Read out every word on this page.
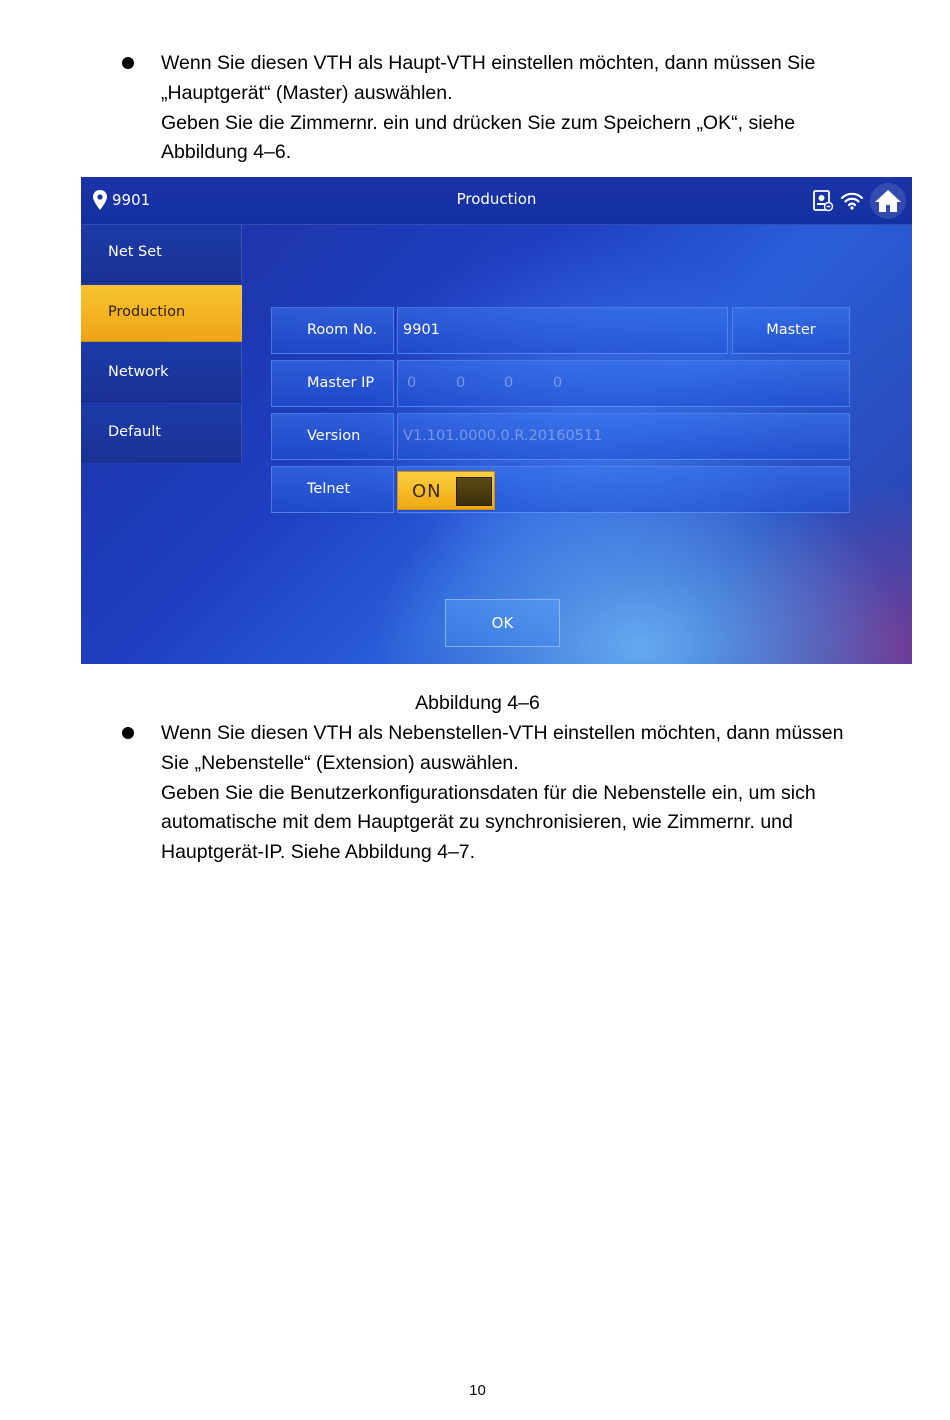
Wenn Sie diesen VTH als Haupt-VTH einstellen möchten, dann müssen Sie

„Hauptgerät“ (Master) auswählen.

Geben Sie die Zimmernr. ein und drücken Sie zum Speichern „OK“, siehe

Abbildung 4–6.

9901	Production
Net Set
Production
Network
Default
Room No. 9901	Master
Master IP 0	0	0	0
Version	V1.101.0000.0.R.20160511
Telnet	ON
OK
Abbildung 4–6

Wenn Sie diesen VTH als Nebenstellen-VTH einstellen möchten, dann müssen

Sie „Nebenstelle“ (Extension) auswählen.

Geben Sie die Benutzerkonfigurationsdaten für die Nebenstelle ein, um sich

automatische mit dem Hauptgerät zu synchronisieren, wie Zimmernr. und

Hauptgerät-IP. Siehe Abbildung 4–7.

10
